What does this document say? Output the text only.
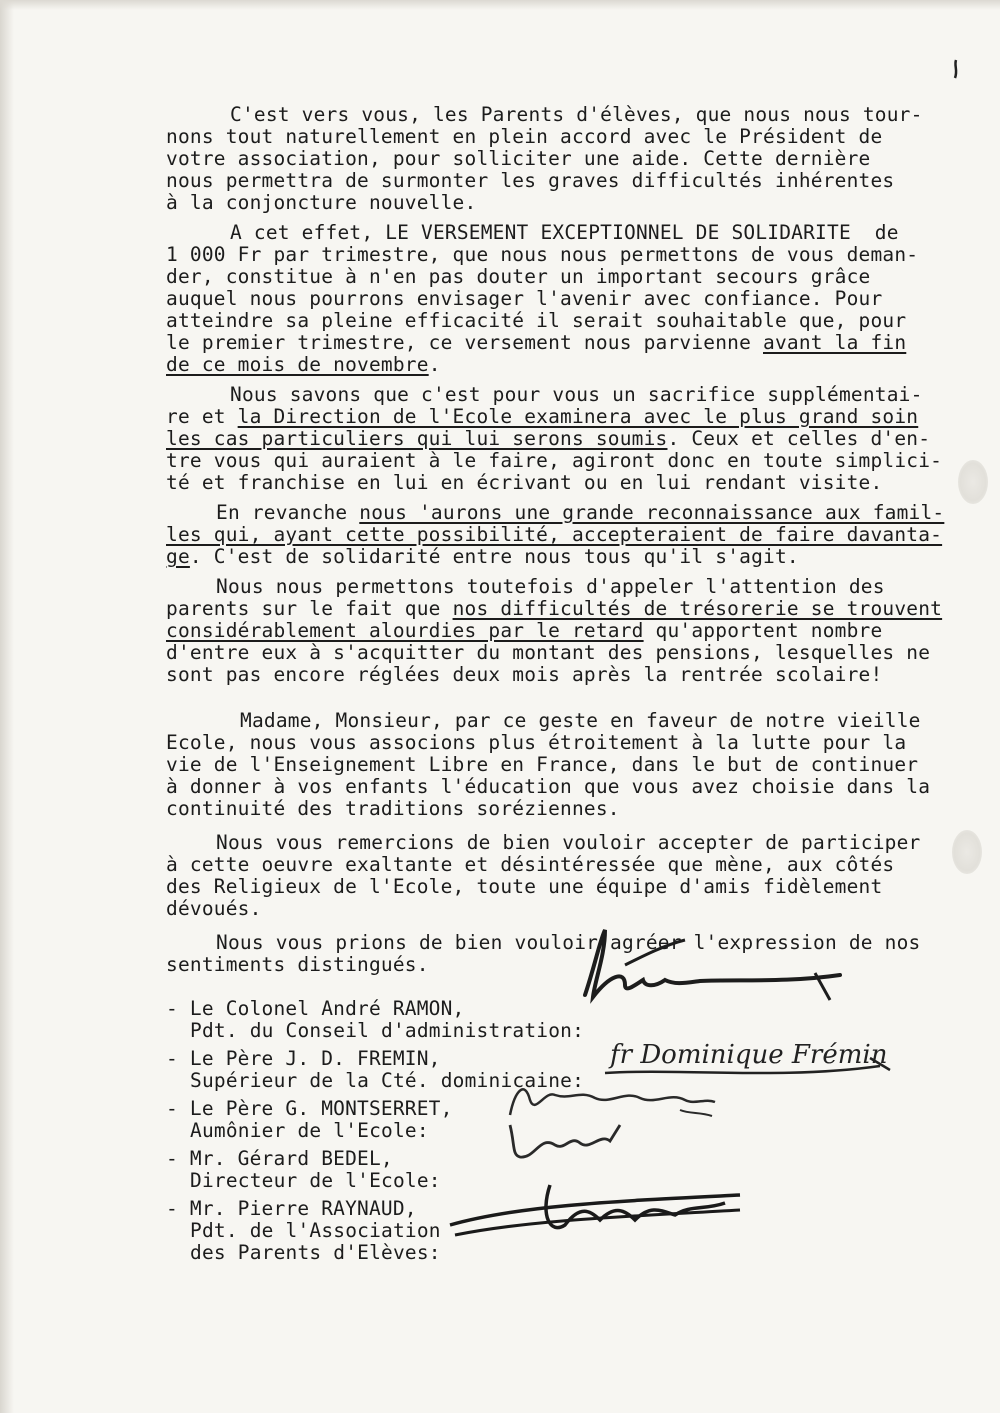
C'est vers vous, les Parents d'élèves, que nous nous tour-
nons tout naturellement en plein accord avec le Président de
votre association, pour solliciter une aide. Cette dernière
nous permettra de surmonter les graves difficultés inhérentes
à la conjoncture nouvelle.
A cet effet, LE VERSEMENT EXCEPTIONNEL DE SOLIDARITE  de
1 000 Fr par trimestre, que nous nous permettons de vous deman-
der, constitue à n'en pas douter un important secours grâce
auquel nous pourrons envisager l'avenir avec confiance. Pour
atteindre sa pleine efficacité il serait souhaitable que, pour
le premier trimestre, ce versement nous parvienne avant la fin
de ce mois de novembre.
Nous savons que c'est pour vous un sacrifice supplémentai-
re et la Direction de l'Ecole examinera avec le plus grand soin
les cas particuliers qui lui serons soumis. Ceux et celles d'en-
tre vous qui auraient à le faire, agiront donc en toute simplici-
té et franchise en lui en écrivant ou en lui rendant visite.
En revanche nous 'aurons une grande reconnaissance aux famil-
les qui, ayant cette possibilité, accepteraient de faire davanta-
ge. C'est de solidarité entre nous tous qu'il s'agit.
Nous nous permettons toutefois d'appeler l'attention des
parents sur le fait que nos difficultés de trésorerie se trouvent
considérablement alourdies par le retard qu'apportent nombre
d'entre eux à s'acquitter du montant des pensions, lesquelles ne
sont pas encore réglées deux mois après la rentrée scolaire!
Madame, Monsieur, par ce geste en faveur de notre vieille
Ecole, nous vous associons plus étroitement à la lutte pour la
vie de l'Enseignement Libre en France, dans le but de continuer
à donner à vos enfants l'éducation que vous avez choisie dans la
continuité des traditions soréziennes.
Nous vous remercions de bien vouloir accepter de participer
à cette oeuvre exaltante et désintéressée que mène, aux côtés
des Religieux de l'Ecole, toute une équipe d'amis fidèlement
dévoués.
Nous vous prions de bien vouloir agréer l'expression de nos
sentiments distingués.
- Le Colonel André RAMON,
Pdt. du Conseil d'administration:
- Le Père J. D. FREMIN,
Supérieur de la Cté. dominicaine:
- Le Père G. MONTSERRET,
Aumônier de l'Ecole:
- Mr. Gérard BEDEL,
Directeur de l'Ecole:
- Mr. Pierre RAYNAUD,
Pdt. de l'Association
des Parents d'Elèves:
fr Dominique Frémin
